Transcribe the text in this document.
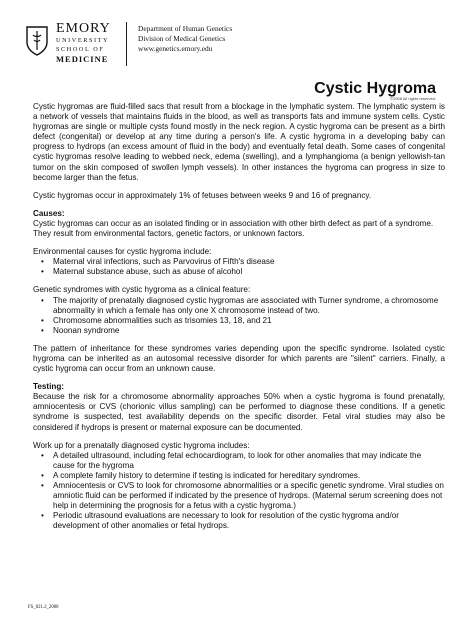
EMORY
UNIVERSITY
SCHOOL OF
MEDICINE
Department of Human Genetics
Division of Medical Genetics
www.genetics.emory.edu
Cystic Hygroma
©2008 All rights reserved.

Cystic hygromas are fluid-filled sacs that result from a blockage in the lymphatic system. The lymphatic system is a network of vessels that maintains fluids in the blood, as well as transports fats and immune system cells. Cystic hygromas are single or multiple cysts found mostly in the neck region. A cystic hygroma can be present as a birth defect (congenital) or develop at any time during a person's life. A cystic hygroma in a developing baby can progress to hydrops (an excess amount of fluid in the body) and eventually fetal death. Some cases of congenital cystic hygromas resolve leading to webbed neck, edema (swelling), and a lymphangioma (a benign yellowish-tan tumor on the skin composed of swollen lymph vessels). In other instances the hygroma can progress in size to become larger than the fetus.

Cystic hygromas occur in approximately 1% of fetuses between weeks 9 and 16 of pregnancy.

Causes:

Cystic hygromas can occur as an isolated finding or in association with other birth defect as part of a syndrome. They result from environmental factors, genetic factors, or unknown factors.

Environmental causes for cystic hygroma include:
• Maternal viral infections, such as Parvovirus of Fifth's disease
• Maternal substance abuse, such as abuse of alcohol
Genetic syndromes with cystic hygroma as a clinical feature:
• The majority of prenatally diagnosed cystic hygromas are associated with Turner syndrome, a chromosome abnormality in which a female has only one X chromosome instead of two.
• Chromosome abnormalities such as trisomies 13, 18, and 21
• Noonan syndrome

The pattern of inheritance for these syndromes varies depending upon the specific syndrome. Isolated cystic hygroma can be inherited as an autosomal recessive disorder for which parents are "silent" carriers. Finally, a cystic hygroma can occur from an unknown cause.

Testing:

Because the risk for a chromosome abnormality approaches 50% when a cystic hygroma is found prenatally, amniocentesis or CVS (chorionic villus sampling) can be performed to diagnose these conditions. If a genetic syndrome is suspected, test availability depends on the specific disorder. Fetal viral studies may also be considered if hydrops is present or maternal exposure can be documented.

Work up for a prenatally diagnosed cystic hygroma includes:
• A detailed ultrasound, including fetal echocardiogram, to look for other anomalies that may indicate the cause for the hygroma
• A complete family history to determine if testing is indicated for hereditary syndromes.
• Amniocentesis or CVS to look for chromosome abnormalities or a specific genetic syndrome. Viral studies on amniotic fluid can be performed if indicated by the presence of hydrops. (Maternal serum screening does not help in determining the prognosis for a fetus with a cystic hygroma.)
• Periodic ultrasound evaluations are necessary to look for resolution of the cystic hygroma and/or development of other anomalies or fetal hydrops.
FS_021.2_2008
